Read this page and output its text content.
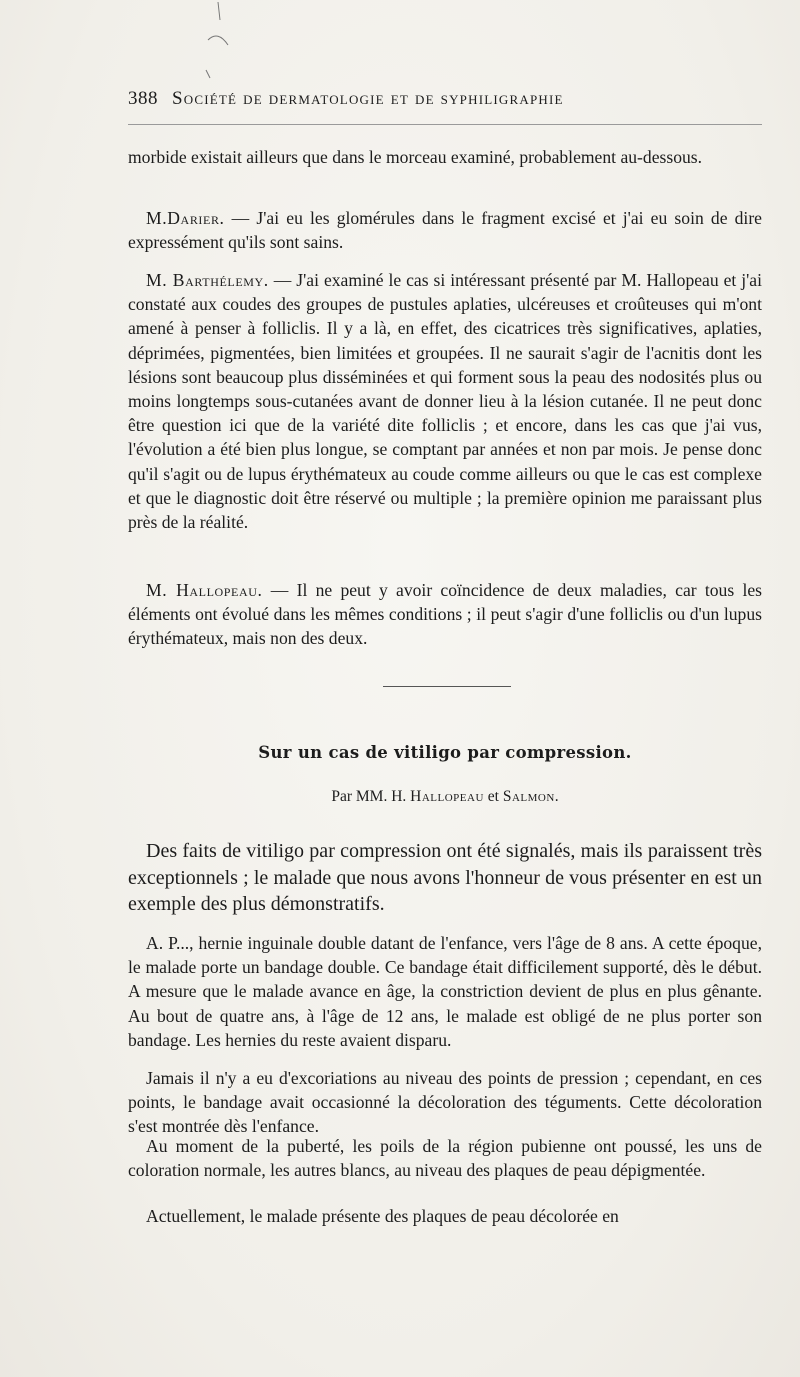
388 Société de dermatologie et de syphiligraphie

morbide existait ailleurs que dans le morceau examiné, probablement au-dessous.

M.Darier. — J'ai eu les glomérules dans le fragment excisé et j'ai eu soin de dire expressément qu'ils sont sains.

M. Barthélemy. — J'ai examiné le cas si intéressant présenté par M. Hallopeau et j'ai constaté aux coudes des groupes de pustules aplaties, ulcéreuses et croûteuses qui m'ont amené à penser à folliclis. Il y a là, en effet, des cicatrices très significatives, aplaties, déprimées, pigmentées, bien limitées et groupées. Il ne saurait s'agir de l'acnitis dont les lésions sont beaucoup plus disséminées et qui forment sous la peau des nodosités plus ou moins longtemps sous-cutanées avant de donner lieu à la lésion cutanée. Il ne peut donc être question ici que de la variété dite folliclis ; et encore, dans les cas que j'ai vus, l'évolution a été bien plus longue, se comptant par années et non par mois. Je pense donc qu'il s'agit ou de lupus érythémateux au coude comme ailleurs ou que le cas est complexe et que le diagnostic doit être réservé ou multiple ; la première opinion me paraissant plus près de la réalité.

M. Hallopeau. — Il ne peut y avoir coïncidence de deux maladies, car tous les éléments ont évolué dans les mêmes conditions ; il peut s'agir d'une folliclis ou d'un lupus érythémateux, mais non des deux.

Sur un cas de vitiligo par compression.
Par MM. H. Hallopeau et Salmon.

Des faits de vitiligo par compression ont été signalés, mais ils paraissent très exceptionnels ; le malade que nous avons l'honneur de vous présenter en est un exemple des plus démonstratifs.

A. P..., hernie inguinale double datant de l'enfance, vers l'âge de 8 ans. A cette époque, le malade porte un bandage double. Ce bandage était difficilement supporté, dès le début. A mesure que le malade avance en âge, la constriction devient de plus en plus gênante. Au bout de quatre ans, à l'âge de 12 ans, le malade est obligé de ne plus porter son bandage. Les hernies du reste avaient disparu.

Jamais il n'y a eu d'excoriations au niveau des points de pression ; cependant, en ces points, le bandage avait occasionné la décoloration des téguments. Cette décoloration s'est montrée dès l'enfance.

Au moment de la puberté, les poils de la région pubienne ont poussé, les uns de coloration normale, les autres blancs, au niveau des plaques de peau dépigmentée.

Actuellement, le malade présente des plaques de peau décolorée en
